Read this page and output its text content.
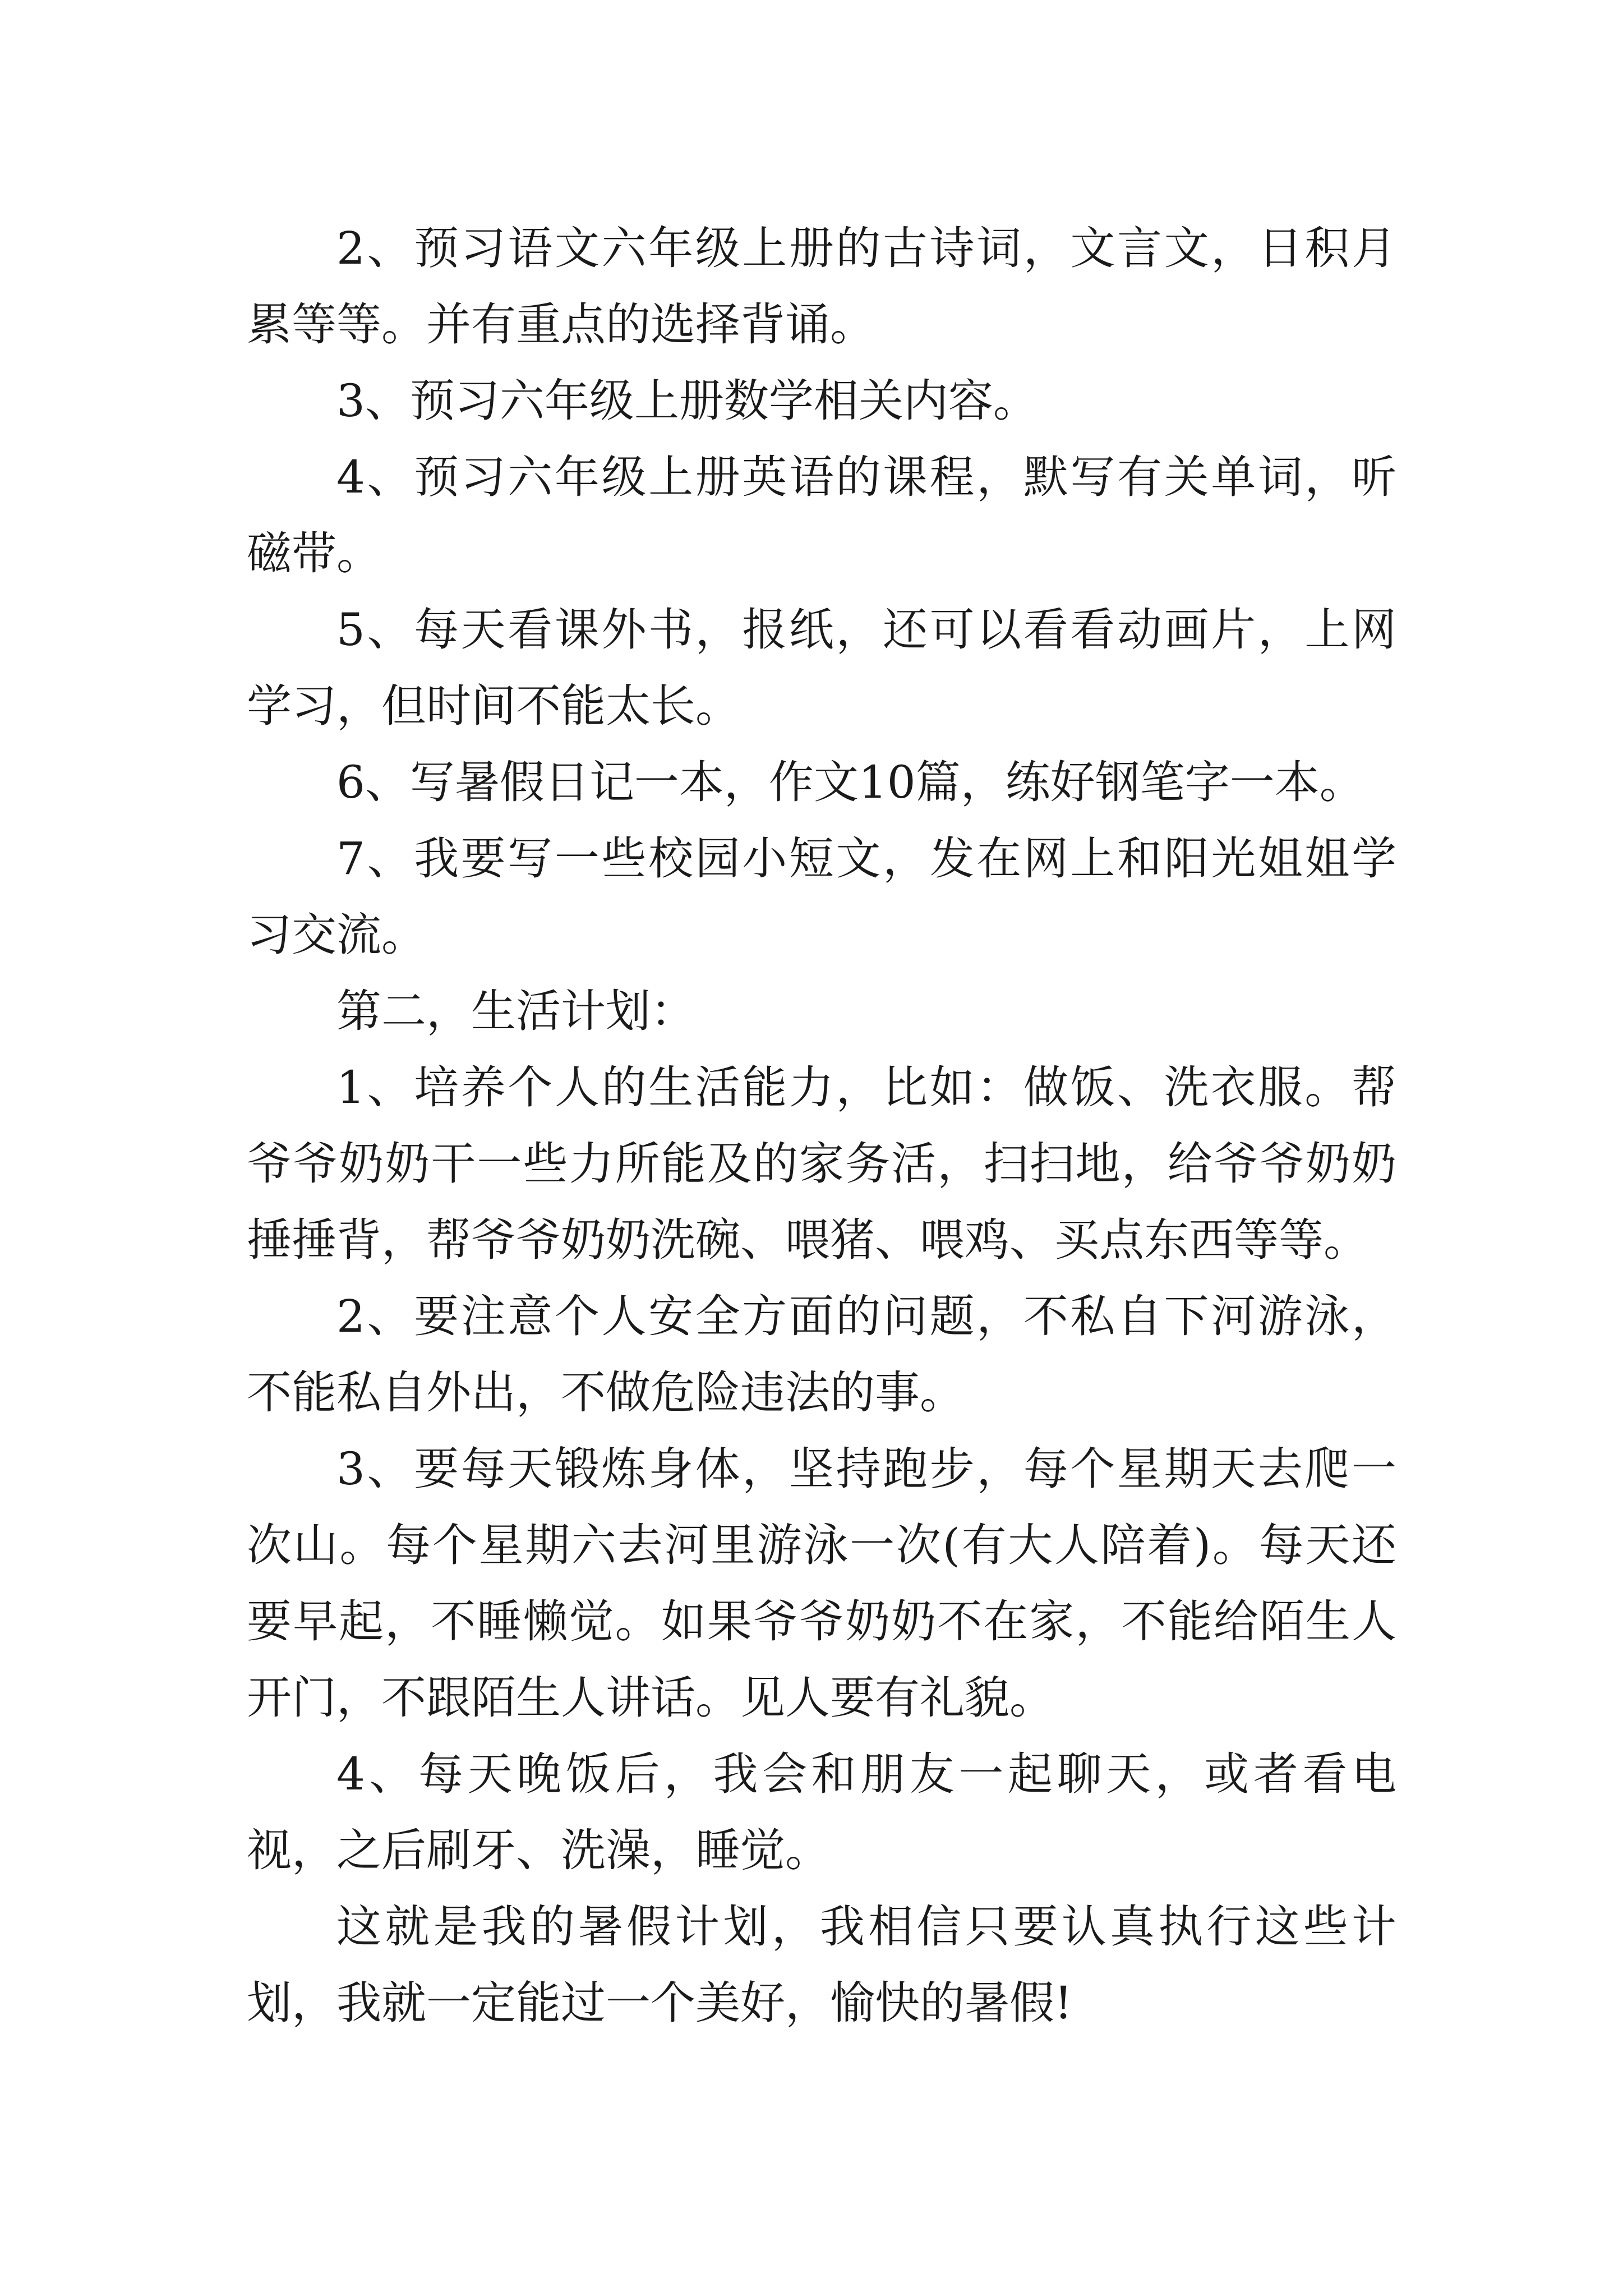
2、预习语文六年级上册的古诗词，文言文，日积月累等等。并有重点的选择背诵。

3、预习六年级上册数学相关内容。

4、预习六年级上册英语的课程，默写有关单词，听磁带。

5、每天看课外书，报纸，还可以看看动画片，上网学习，但时间不能太长。

6、写暑假日记一本，作文10篇，练好钢笔字一本。

7、我要写一些校园小短文，发在网上和阳光姐姐学习交流。

第二，生活计划：

1、培养个人的生活能力，比如：做饭、洗衣服。帮爷爷奶奶干一些力所能及的家务活，扫扫地，给爷爷奶奶捶捶背，帮爷爷奶奶洗碗、喂猪、喂鸡、买点东西等等。

2、要注意个人安全方面的问题，不私自下河游泳，不能私自外出，不做危险违法的事。

3、要每天锻炼身体，坚持跑步，每个星期天去爬一次山。每个星期六去河里游泳一次(有大人陪着)。每天还要早起，不睡懒觉。如果爷爷奶奶不在家，不能给陌生人开门，不跟陌生人讲话。见人要有礼貌。

4、每天晚饭后，我会和朋友一起聊天，或者看电视，之后刷牙、洗澡，睡觉。

这就是我的暑假计划，我相信只要认真执行这些计划，我就一定能过一个美好，愉快的暑假!
